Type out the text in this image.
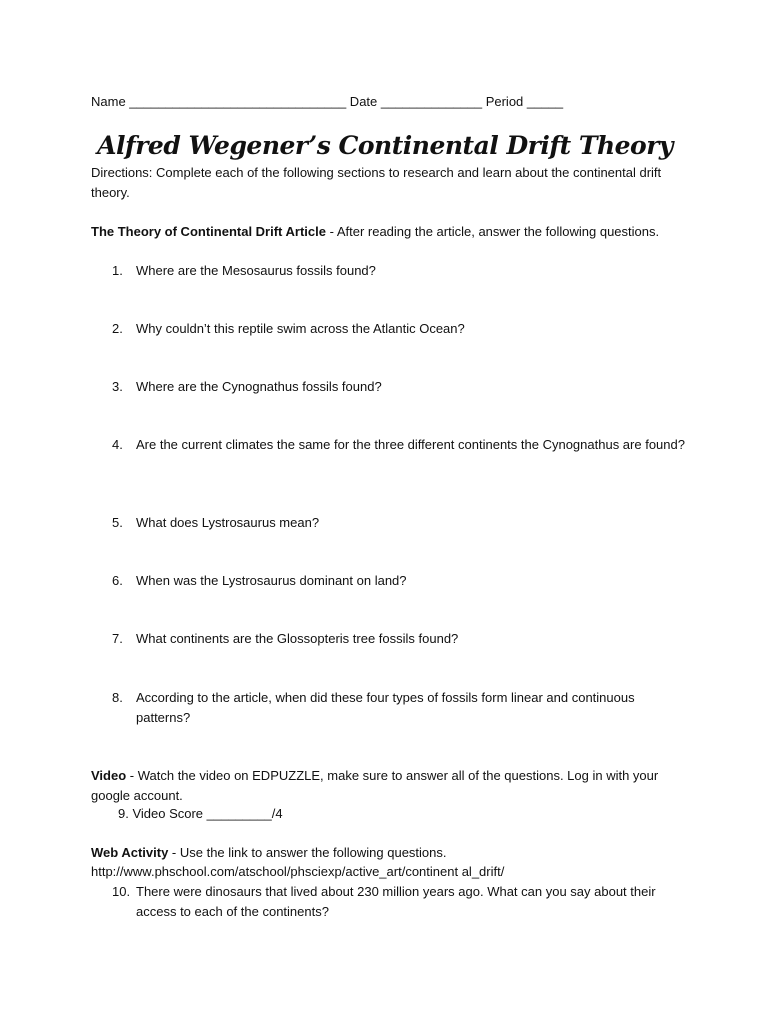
Name ______________________________ Date ______________ Period _____
Alfred Wegener’s Continental Drift Theory
Directions: Complete each of the following sections to research and learn about the continental drift theory.
The Theory of Continental Drift Article - After reading the article, answer the following questions.
1.	Where are the Mesosaurus fossils found?
2.	Why couldn’t this reptile swim across the Atlantic Ocean?
3.	Where are the Cynognathus fossils found?
4.	Are the current climates the same for the three different continents the Cynognathus are found?
5.	What does Lystrosaurus mean?
6.	When was the Lystrosaurus dominant on land?
7.	What continents are the Glossopteris tree fossils found?
8.	According to the article, when did these four types of fossils form linear and continuous patterns?
Video - Watch the video on EDPUZZLE, make sure to answer all of the questions. Log in with your google account.
9. Video Score _________/4
Web Activity - Use the link to answer the following questions.
http://www.phschool.com/atschool/phsciexp/active_art/continent al_drift/
10. There were dinosaurs that lived about 230 million years ago. What can you say about their access to each of the continents?
